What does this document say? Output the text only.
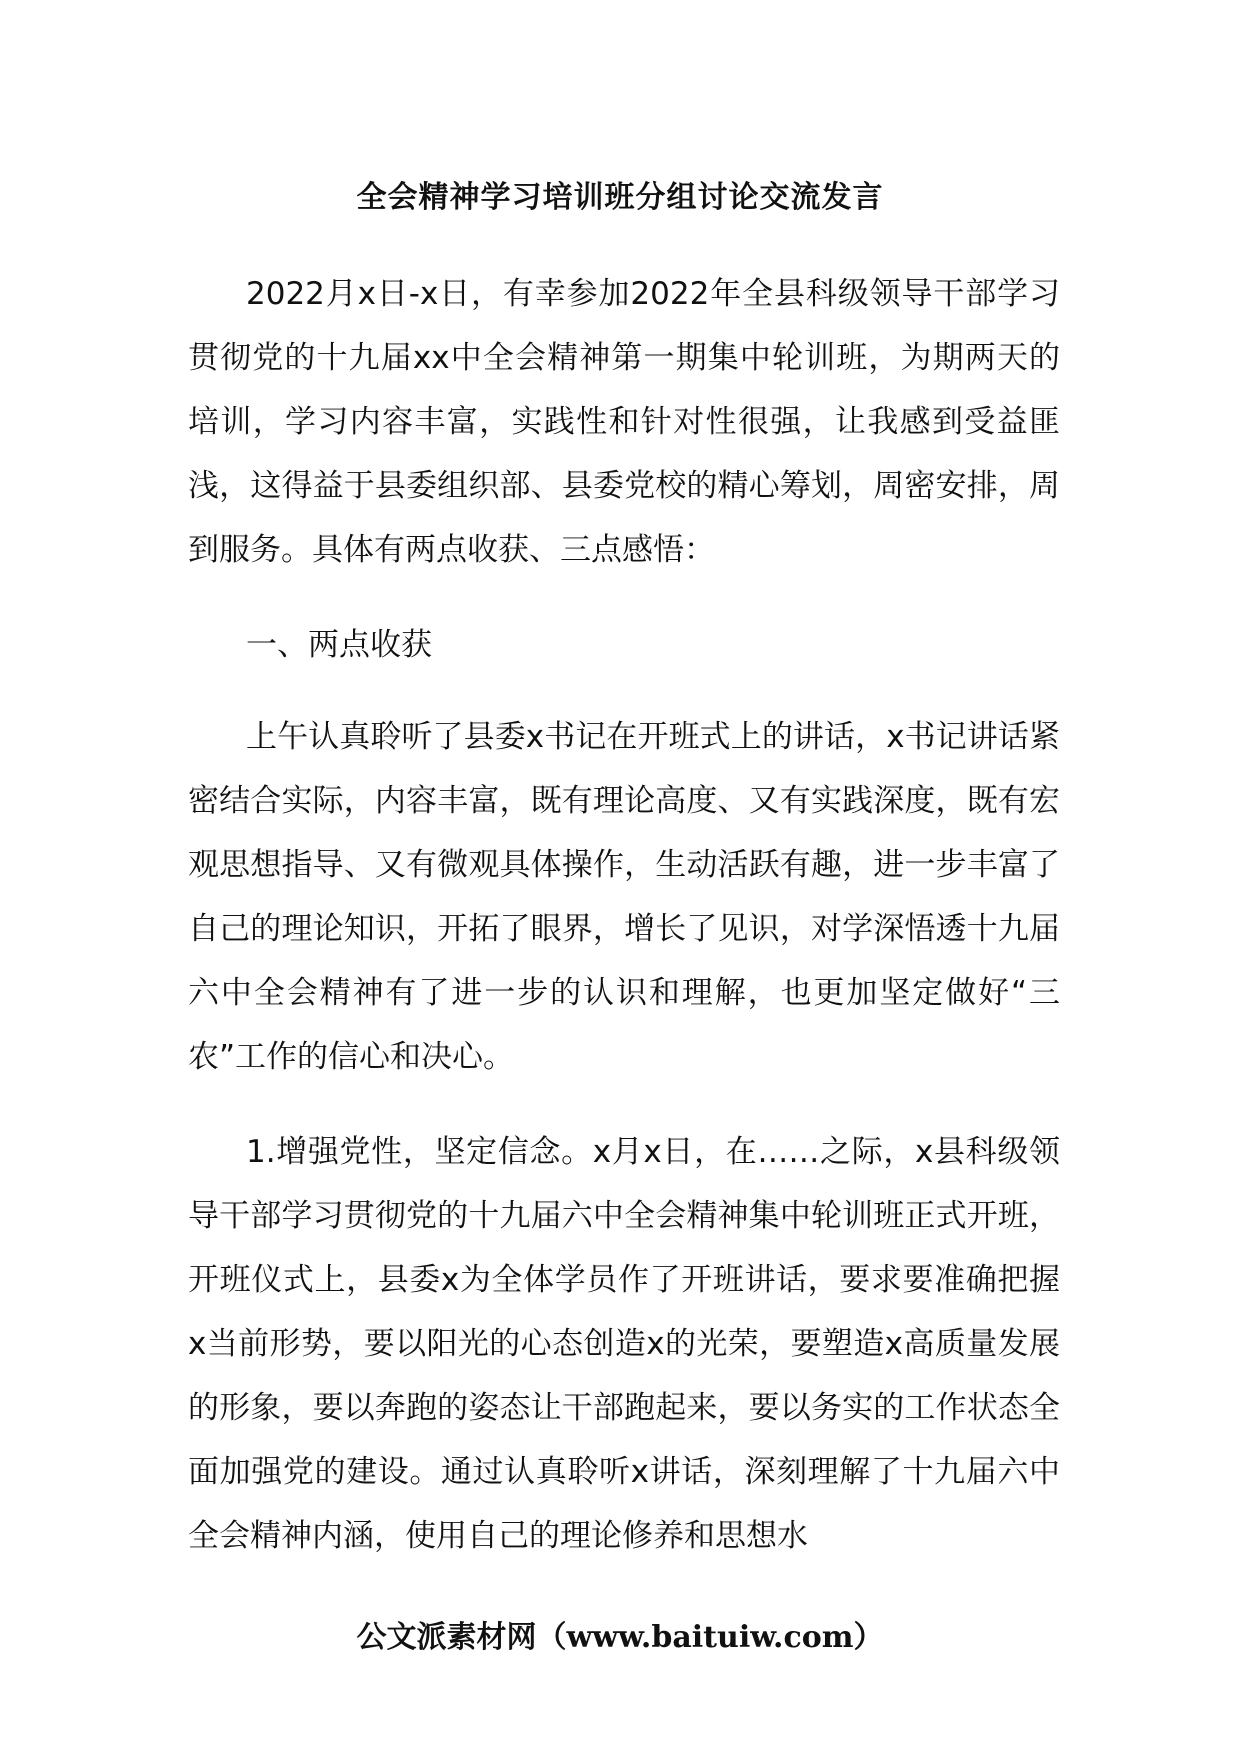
全会精神学习培训班分组讨论交流发言

2022月x日-x日，有幸参加2022年全县科级领导干部学习贯彻党的十九届xx中全会精神第一期集中轮训班，为期两天的培训，学习内容丰富，实践性和针对性很强，让我感到受益匪浅，这得益于县委组织部、县委党校的精心筹划，周密安排，周到服务。具体有两点收获、三点感悟：

一、两点收获

上午认真聆听了县委x书记在开班式上的讲话，x书记讲话紧密结合实际，内容丰富，既有理论高度、又有实践深度，既有宏观思想指导、又有微观具体操作，生动活跃有趣，进一步丰富了自己的理论知识，开拓了眼界，增长了见识，对学深悟透十九届六中全会精神有了进一步的认识和理解，也更加坚定做好“三农”工作的信心和决心。

1.增强党性，坚定信念。x月x日，在……之际，x县科级领导干部学习贯彻党的十九届六中全会精神集中轮训班正式开班，开班仪式上，县委x为全体学员作了开班讲话，要求要准确把握x当前形势，要以阳光的心态创造x的光荣，要塑造x高质量发展的形象，要以奔跑的姿态让干部跑起来，要以务实的工作状态全面加强党的建设。通过认真聆听x讲话，深刻理解了十九届六中全会精神内涵，使用自己的理论修养和思想水

公文派素材网（www.baituiw.com）
